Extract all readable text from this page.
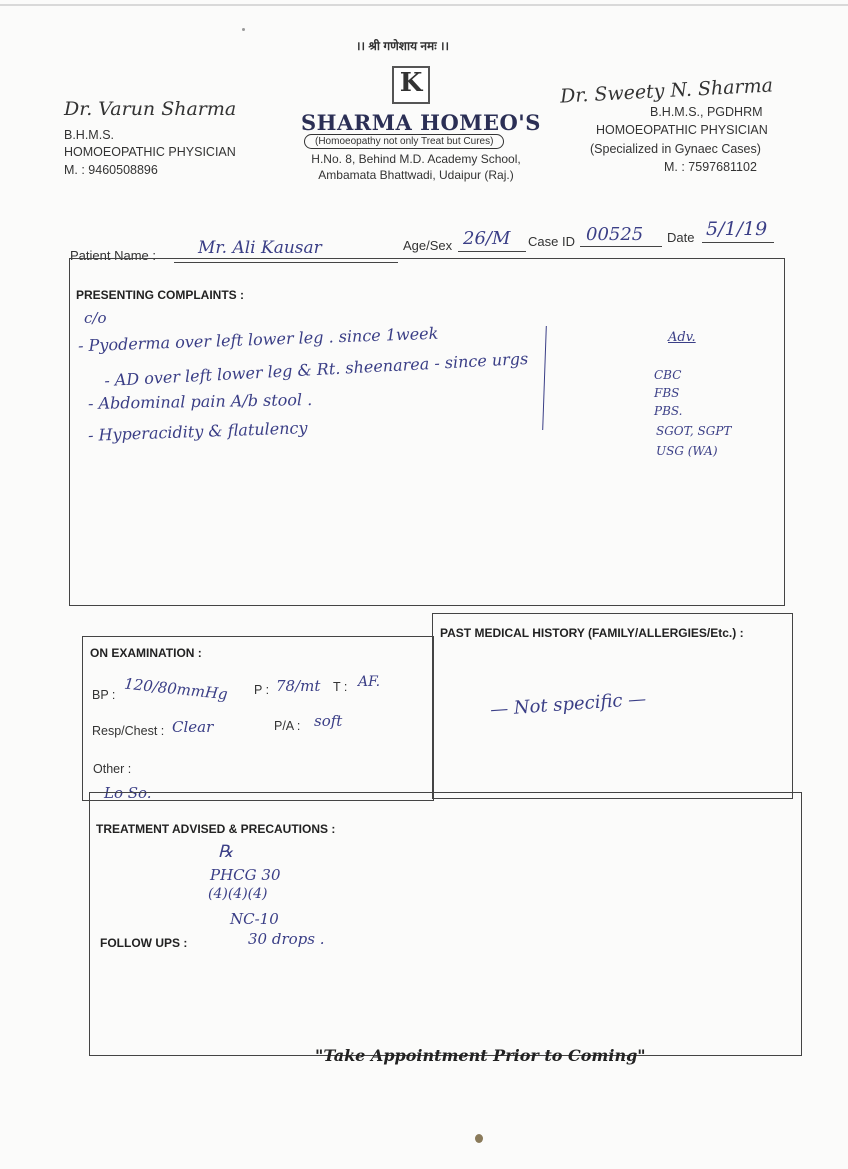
।। श्री गणेशाय नमः ।।
K
SHARMA HOMEO'S
(Homoeopathy not only Treat but Cures)
H.No. 8, Behind M.D. Academy School,
Ambamata Bhattwadi, Udaipur (Raj.)
Dr. Varun Sharma
B.H.M.S.
HOMOEOPATHIC PHYSICIAN
M. : 9460508896
Dr. Sweety N. Sharma
B.H.M.S., PGDHRM
HOMOEOPATHIC PHYSICIAN
(Specialized in Gynaec Cases)
M. : 7597681102
Patient Name : Mr. Ali Kausar	Age/Sex 26/M Case ID 00525 Date 5/1/19
PRESENTING COMPLAINTS :
c/o
- Pyoderma over left lower leg . since 1week
- AD over left lower leg & Rt. sheenarea - since urgs
- Abdominal pain A/b stool .
- Hyperacidity & flatulency
Adv.
CBC
FBS
PBS.
SGOT, SGPT
USG (WA)
ON EXAMINATION :
BP : 120/80mmHg P : 78/mt T : AF.
Resp/Chest : Clear	P/A : soft
Other :
Lo So.
PAST MEDICAL HISTORY (FAMILY/ALLERGIES/Etc.) :
— Not specific —
TREATMENT ADVISED & PRECAUTIONS :
℞
PHCG 30
(4)(4)(4)
NC-10
30 drops .
FOLLOW UPS :
"Take Appointment Prior to Coming"
